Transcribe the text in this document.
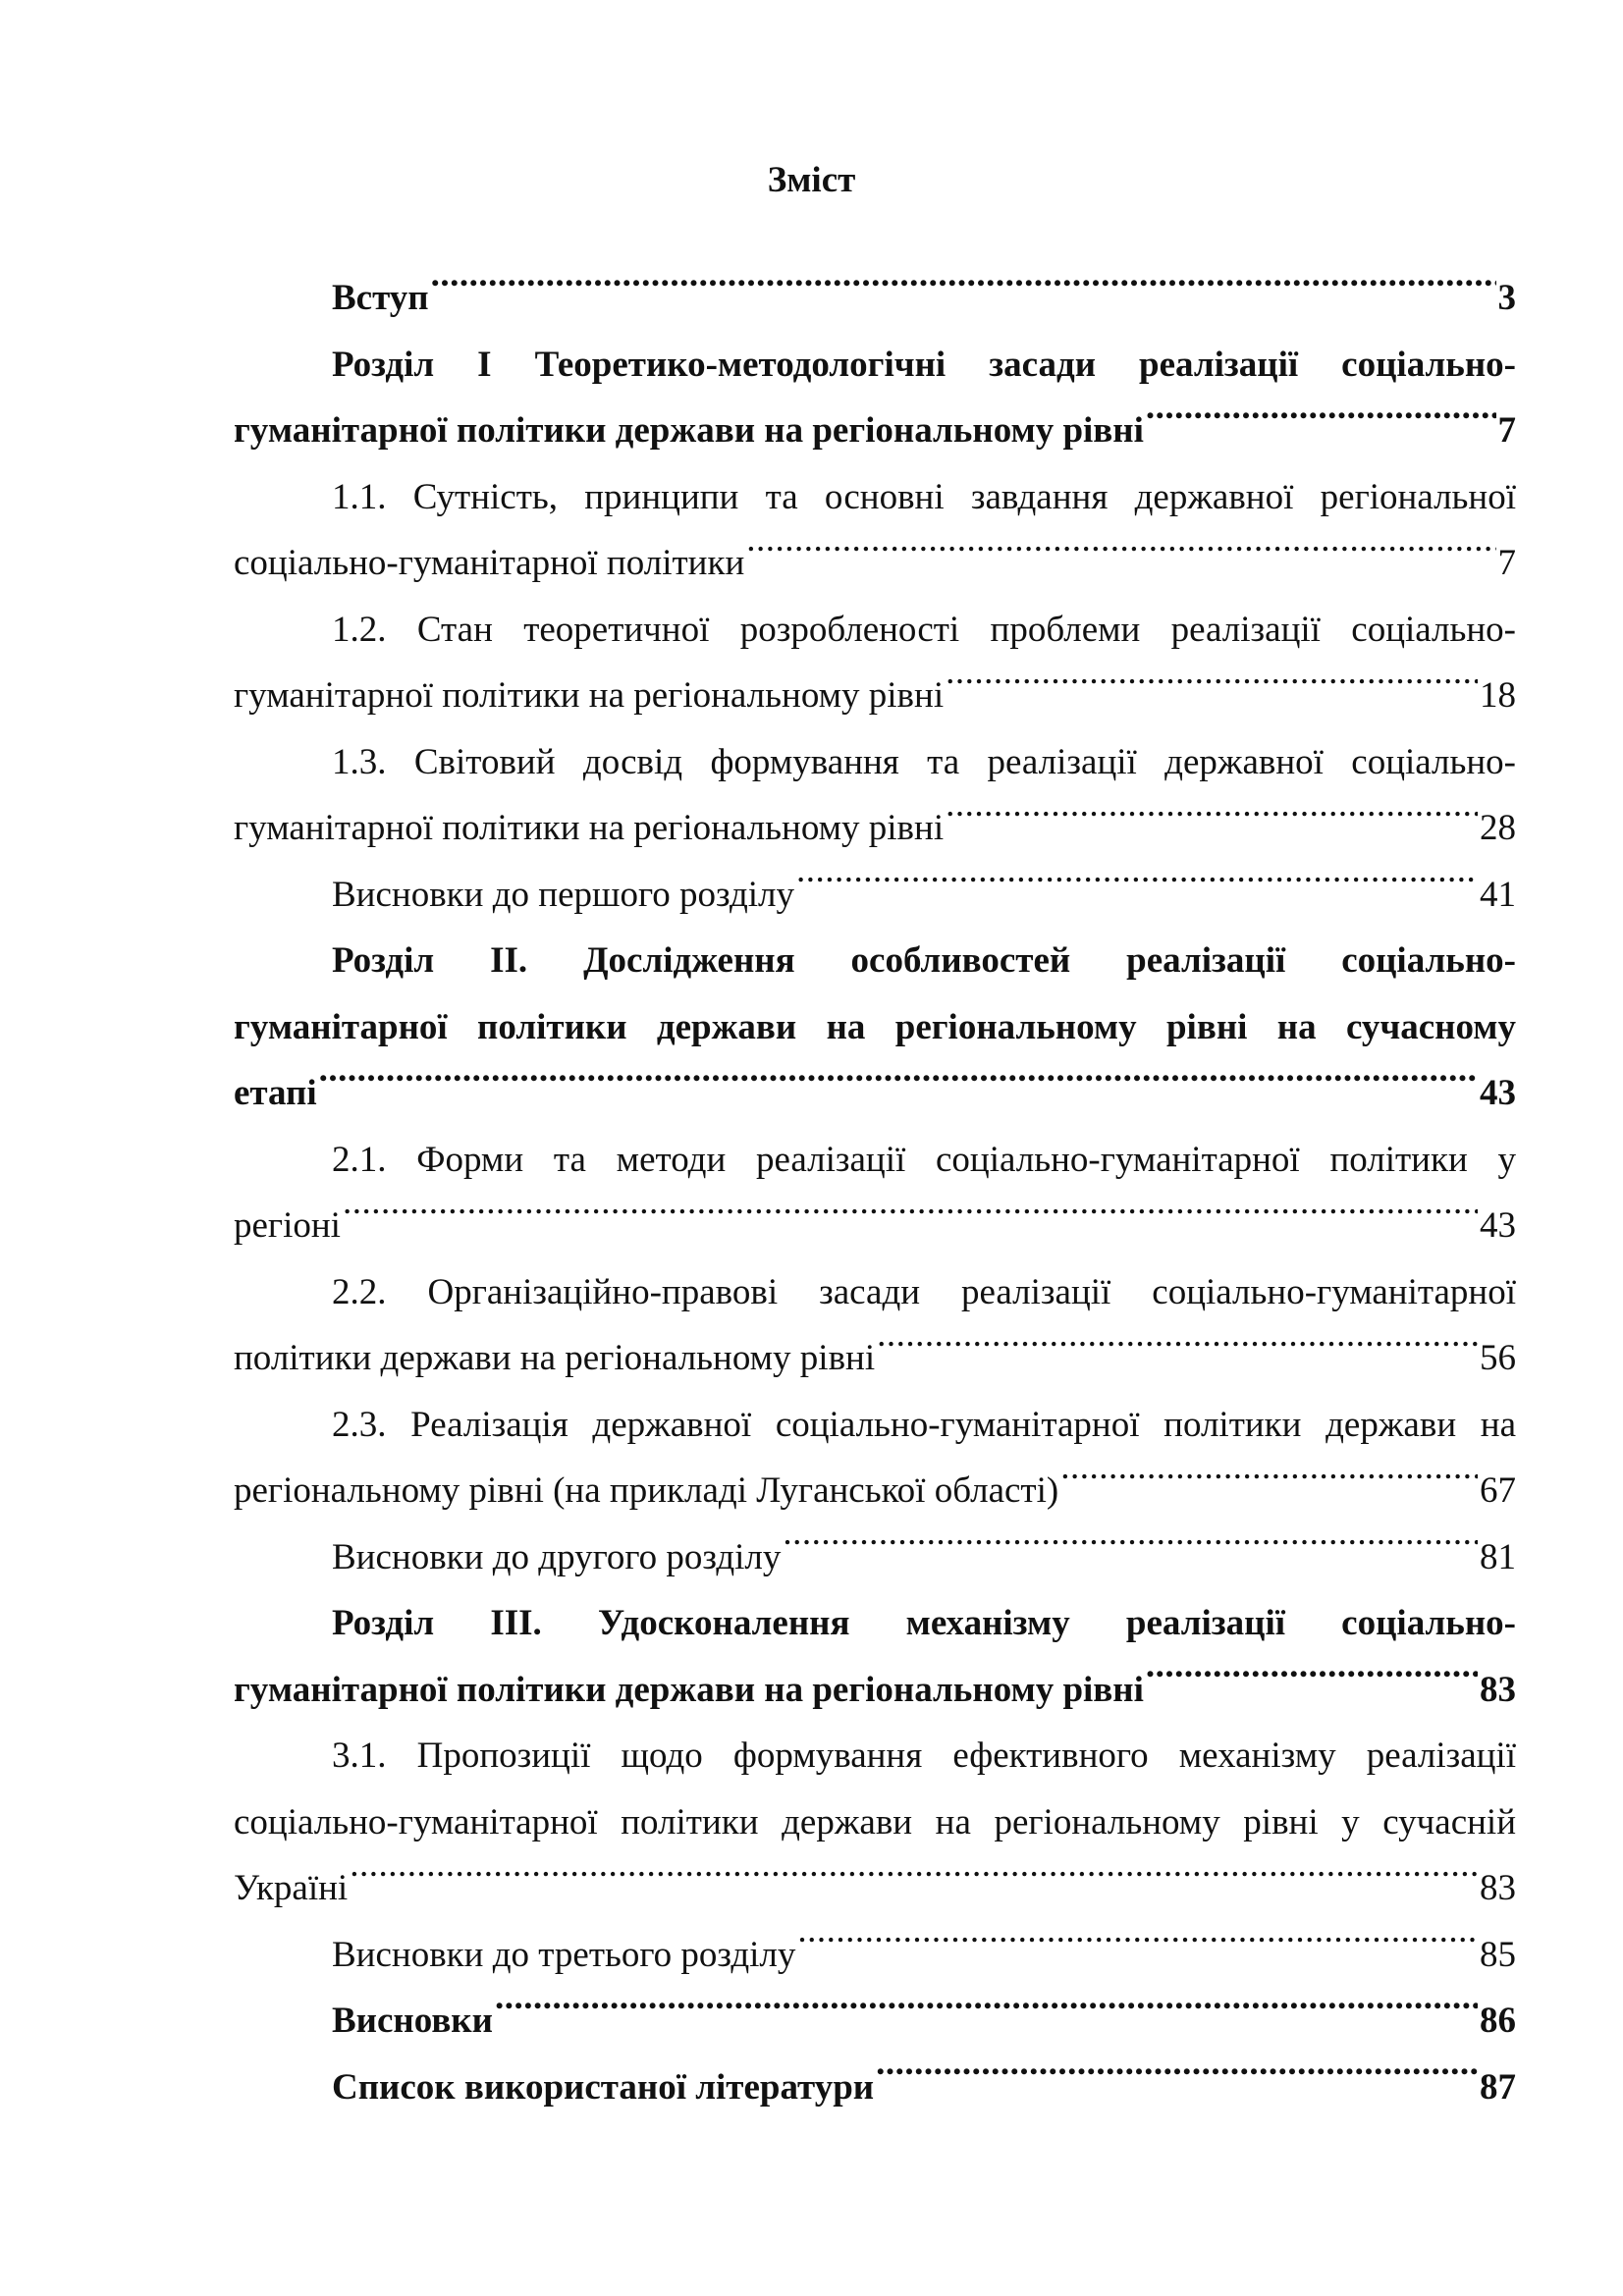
Зміст
Вступ .....	3
Розділ I Теоретико-методологічні засади реалізації соціально-
гуманітарної політики держави на регіональному рівні .....	7
1.1. Сутність, принципи та основні завдання державної регіональної
соціально-гуманітарної політики .....	7
1.2. Стан теоретичної розробленості проблеми реалізації соціально-
гуманітарної політики на регіональному рівні .....	18
1.3. Світовий досвід формування та реалізації державної соціально-
гуманітарної політики на регіональному рівні .....	28
Висновки до першого розділу .....	41
Розділ II. Дослідження особливостей реалізації соціально-
гуманітарної політики держави на регіональному рівні на сучасному
етапі .....	43
2.1. Форми та методи реалізації соціально-гуманітарної політики у
регіоні .....	43
2.2. Організаційно-правові засади реалізації соціально-гуманітарної
політики держави на регіональному рівні .....	56
2.3. Реалізація державної соціально-гуманітарної політики держави на
регіональному рівні (на прикладі Луганської області) .....	67
Висновки до другого розділу .....	81
Розділ III. Удосконалення механізму реалізації соціально-
гуманітарної політики держави на регіональному рівні .....	83
3.1. Пропозиції щодо формування ефективного механізму реалізації
соціально-гуманітарної політики держави на регіональному рівні у сучасній
Україні .....	83
Висновки до третього розділу .....	85
Висновки .....	86
Список використаної літератури .....	87
